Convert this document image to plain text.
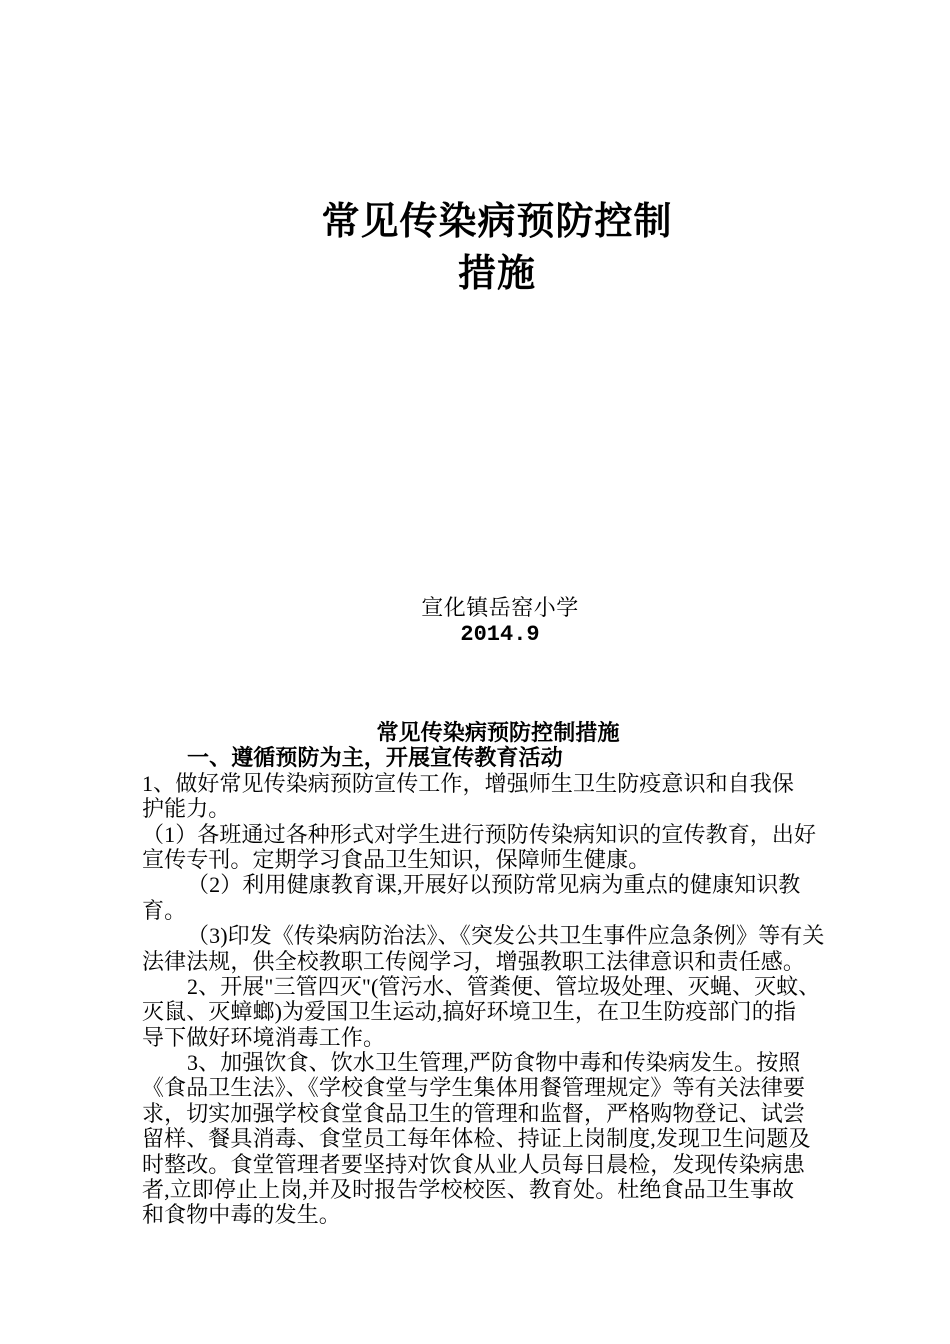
常见传染病预防控制
措施
宣化镇岳窑小学
2014.9
常见传染病预防控制措施
一、遵循预防为主，开展宣传教育活动
1、做好常见传染病预防宣传工作，增强师生卫生防疫意识和自我保
护能力。
（1）各班通过各种形式对学生进行预防传染病知识的宣传教育，出好
宣传专刊。定期学习食品卫生知识，保障师生健康。
（2）利用健康教育课,开展好以预防常见病为重点的健康知识教
育。
（3)印发《传染病防治法》、《突发公共卫生事件应急条例》等有关
法律法规，供全校教职工传阅学习，增强教职工法律意识和责任感。
2、开展"三管四灭"(管污水、管粪便、管垃圾处理、灭蝇、灭蚊、
灭鼠、灭蟑螂)为爱国卫生运动,搞好环境卫生，在卫生防疫部门的指
导下做好环境消毒工作。
3、加强饮食、饮水卫生管理,严防食物中毒和传染病发生。按照
《食品卫生法》、《学校食堂与学生集体用餐管理规定》等有关法律要
求，切实加强学校食堂食品卫生的管理和监督，严格购物登记、试尝
留样、餐具消毒、食堂员工每年体检、持证上岗制度,发现卫生问题及
时整改。食堂管理者要坚持对饮食从业人员每日晨检，发现传染病患
者,立即停止上岗,并及时报告学校校医、教育处。杜绝食品卫生事故
和食物中毒的发生。
